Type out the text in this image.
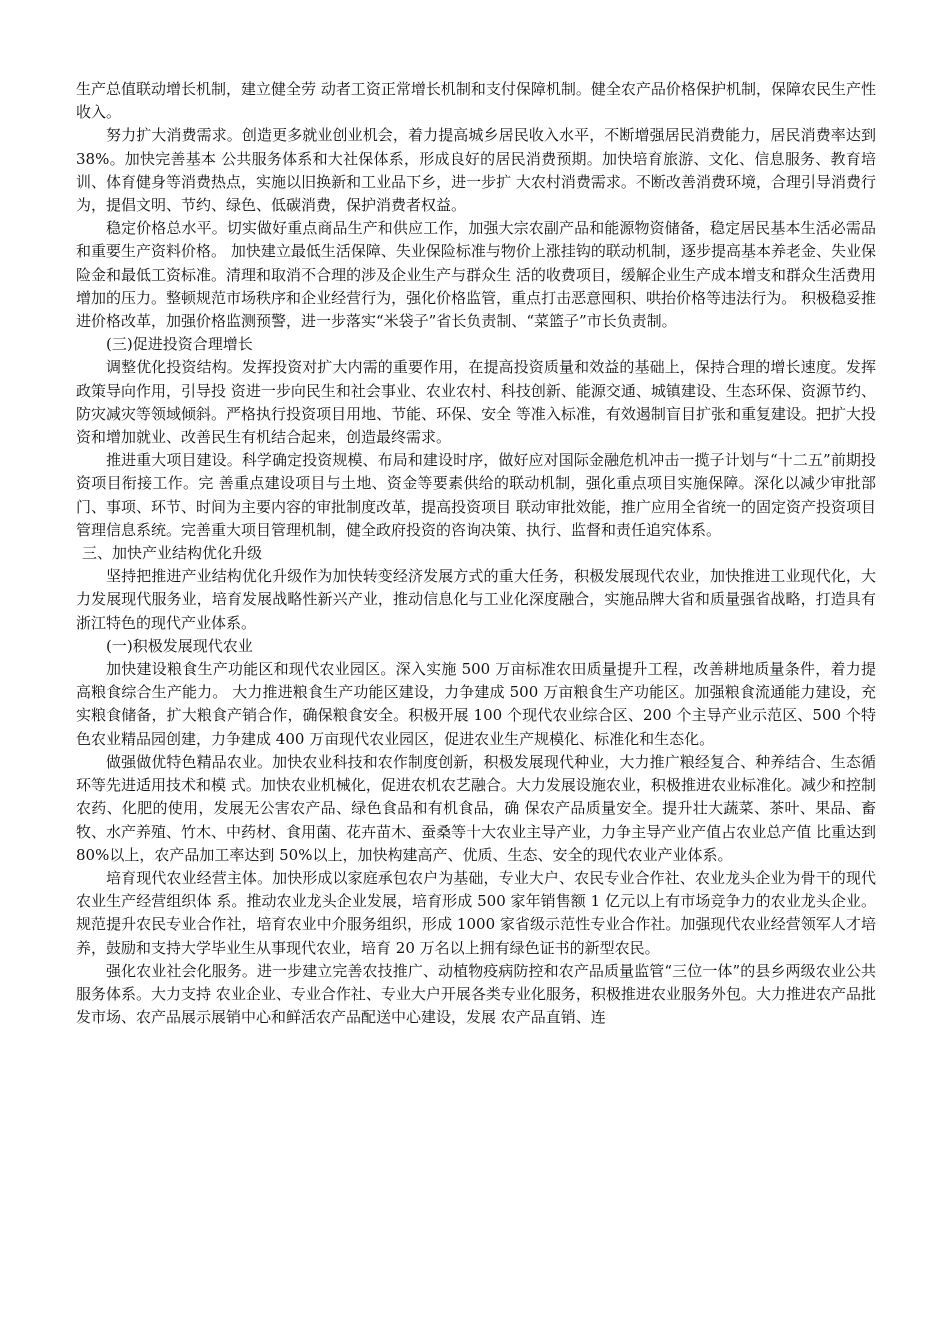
生产总值联动增长机制，建立健全劳 动者工资正常增长机制和支付保障机制。健全农产品价格保护机制，保障农民生产性收入。

努力扩大消费需求。创造更多就业创业机会，着力提高城乡居民收入水平，不断增强居民消费能力，居民消费率达到 38%。加快完善基本 公共服务体系和大社保体系，形成良好的居民消费预期。加快培育旅游、文化、信息服务、教育培训、体育健身等消费热点，实施以旧换新和工业品下乡，进一步扩 大农村消费需求。不断改善消费环境，合理引导消费行为，提倡文明、节约、绿色、低碳消费，保护消费者权益。

稳定价格总水平。切实做好重点商品生产和供应工作，加强大宗农副产品和能源物资储备，稳定居民基本生活必需品和重要生产资料价格。 加快建立最低生活保障、失业保险标准与物价上涨挂钩的联动机制，逐步提高基本养老金、失业保险金和最低工资标准。清理和取消不合理的涉及企业生产与群众生 活的收费项目，缓解企业生产成本增支和群众生活费用增加的压力。整顿规范市场秩序和企业经营行为，强化价格监管，重点打击恶意囤积、哄抬价格等违法行为。 积极稳妥推进价格改革，加强价格监测预警，进一步落实“米袋子”省长负责制、“菜篮子”市长负责制。

(三)促进投资合理增长

调整优化投资结构。发挥投资对扩大内需的重要作用，在提高投资质量和效益的基础上，保持合理的增长速度。发挥政策导向作用，引导投 资进一步向民生和社会事业、农业农村、科技创新、能源交通、城镇建设、生态环保、资源节约、防灾减灾等领域倾斜。严格执行投资项目用地、节能、环保、安全 等准入标准，有效遏制盲目扩张和重复建设。把扩大投资和增加就业、改善民生有机结合起来，创造最终需求。

推进重大项目建设。科学确定投资规模、布局和建设时序，做好应对国际金融危机冲击一揽子计划与“十二五”前期投资项目衔接工作。完 善重点建设项目与土地、资金等要素供给的联动机制，强化重点项目实施保障。深化以减少审批部门、事项、环节、时间为主要内容的审批制度改革，提高投资项目 联动审批效能，推广应用全省统一的固定资产投资项目管理信息系统。完善重大项目管理机制，健全政府投资的咨询决策、执行、监督和责任追究体系。

三、加快产业结构优化升级

坚持把推进产业结构优化升级作为加快转变经济发展方式的重大任务，积极发展现代农业，加快推进工业现代化，大力发展现代服务业，培育发展战略性新兴产业，推动信息化与工业化深度融合，实施品牌大省和质量强省战略，打造具有浙江特色的现代产业体系。

(一)积极发展现代农业

加快建设粮食生产功能区和现代农业园区。深入实施 500 万亩标准农田质量提升工程，改善耕地质量条件，着力提高粮食综合生产能力。 大力推进粮食生产功能区建设，力争建成 500 万亩粮食生产功能区。加强粮食流通能力建设，充实粮食储备，扩大粮食产销合作，确保粮食安全。积极开展 100 个现代农业综合区、200 个主导产业示范区、500 个特色农业精品园创建，力争建成 400 万亩现代农业园区，促进农业生产规模化、标准化和生态化。

做强做优特色精品农业。加快农业科技和农作制度创新，积极发展现代种业，大力推广粮经复合、种养结合、生态循环等先进适用技术和模 式。加快农业机械化，促进农机农艺融合。大力发展设施农业，积极推进农业标准化。减少和控制农药、化肥的使用，发展无公害农产品、绿色食品和有机食品，确 保农产品质量安全。提升壮大蔬菜、茶叶、果品、畜牧、水产养殖、竹木、中药材、食用菌、花卉苗木、蚕桑等十大农业主导产业，力争主导产业产值占农业总产值 比重达到 80%以上，农产品加工率达到 50%以上，加快构建高产、优质、生态、安全的现代农业产业体系。

培育现代农业经营主体。加快形成以家庭承包农户为基础，专业大户、农民专业合作社、农业龙头企业为骨干的现代农业生产经营组织体 系。推动农业龙头企业发展，培育形成 500 家年销售额 1 亿元以上有市场竞争力的农业龙头企业。规范提升农民专业合作社，培育农业中介服务组织，形成 1000 家省级示范性专业合作社。加强现代农业经营领军人才培养，鼓励和支持大学毕业生从事现代农业，培育 20 万名以上拥有绿色证书的新型农民。

强化农业社会化服务。进一步建立完善农技推广、动植物疫病防控和农产品质量监管“三位一体”的县乡两级农业公共服务体系。大力支持 农业企业、专业合作社、专业大户开展各类专业化服务，积极推进农业服务外包。大力推进农产品批发市场、农产品展示展销中心和鲜活农产品配送中心建设，发展 农产品直销、连
